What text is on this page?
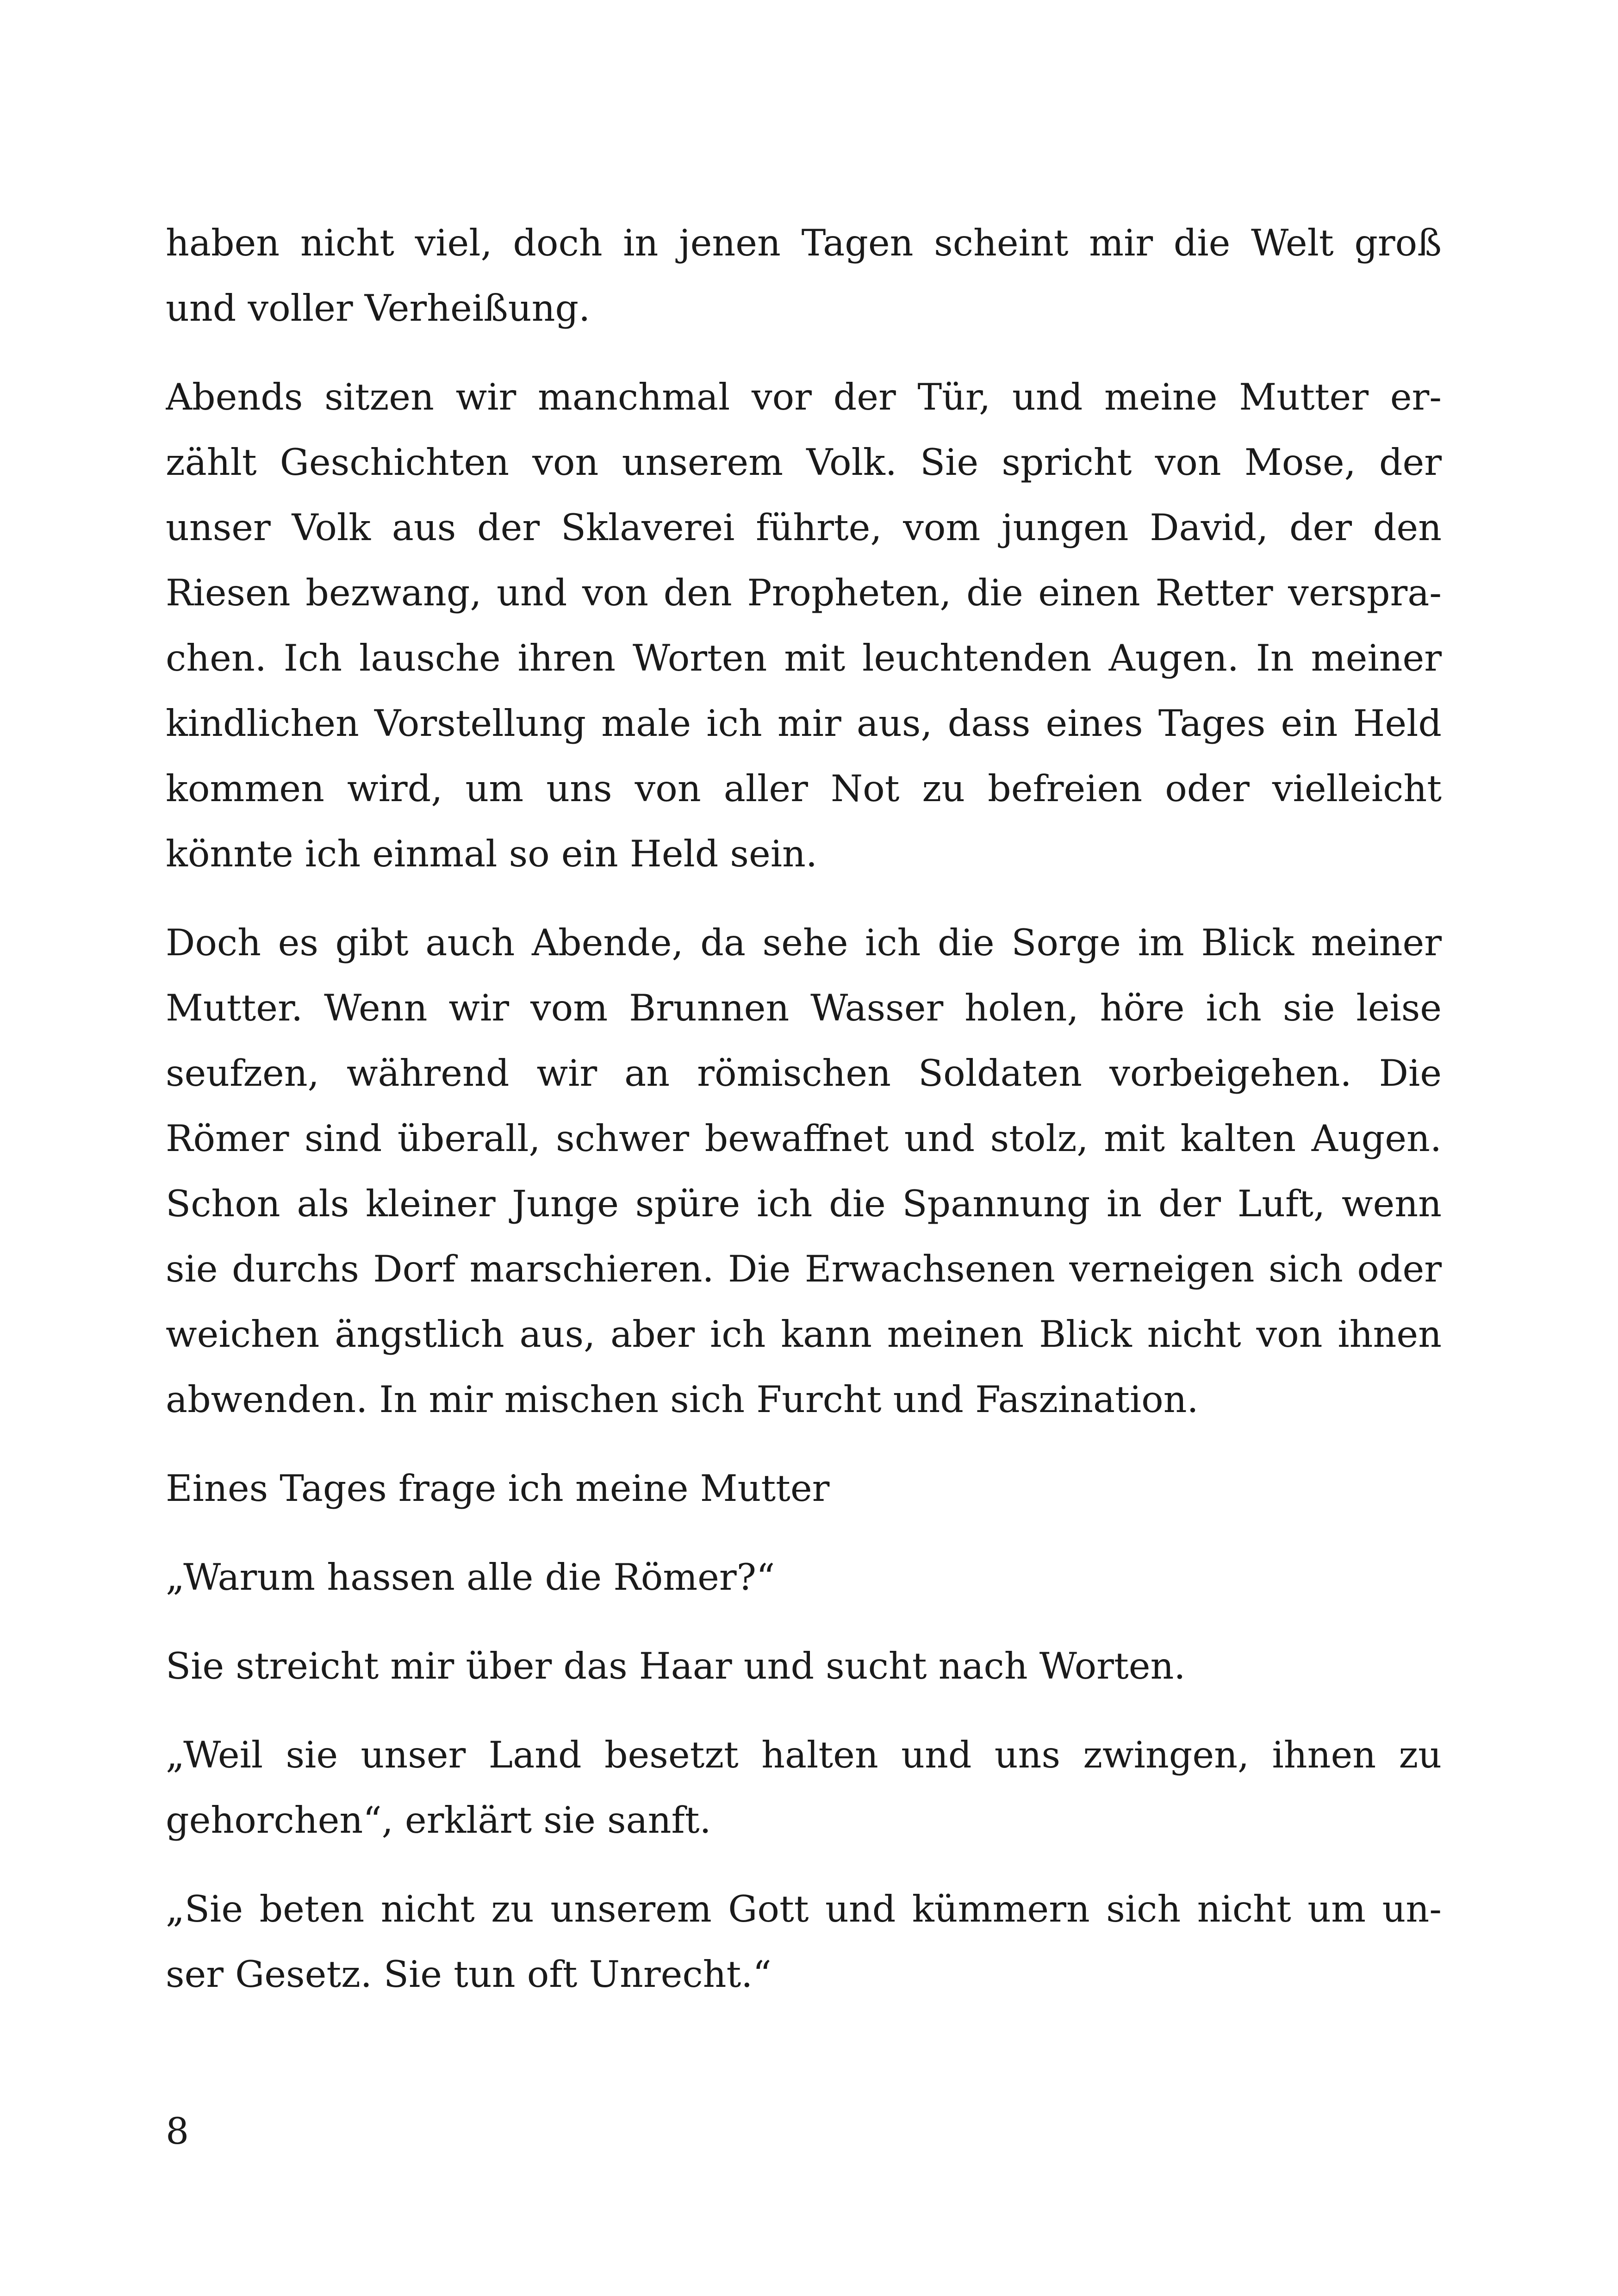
haben nicht viel, doch in jenen Tagen scheint mir die Welt groß
und voller Verheißung.

Abends sitzen wir manchmal vor der Tür, und meine Mutter er-
zählt Geschichten von unserem Volk. Sie spricht von Mose, der
unser Volk aus der Sklaverei führte, vom jungen David, der den
Riesen bezwang, und von den Propheten, die einen Retter verspra-
chen. Ich lausche ihren Worten mit leuchtenden Augen. In meiner
kindlichen Vorstellung male ich mir aus, dass eines Tages ein Held
kommen wird, um uns von aller Not zu befreien oder vielleicht
könnte ich einmal so ein Held sein.

Doch es gibt auch Abende, da sehe ich die Sorge im Blick meiner
Mutter. Wenn wir vom Brunnen Wasser holen, höre ich sie leise
seufzen, während wir an römischen Soldaten vorbeigehen. Die
Römer sind überall, schwer bewaffnet und stolz, mit kalten Augen.
Schon als kleiner Junge spüre ich die Spannung in der Luft, wenn
sie durchs Dorf marschieren. Die Erwachsenen verneigen sich oder
weichen ängstlich aus, aber ich kann meinen Blick nicht von ihnen
abwenden. In mir mischen sich Furcht und Faszination.

Eines Tages frage ich meine Mutter

„Warum hassen alle die Römer?“

Sie streicht mir über das Haar und sucht nach Worten.

„Weil sie unser Land besetzt halten und uns zwingen, ihnen zu
gehorchen“, erklärt sie sanft.

„Sie beten nicht zu unserem Gott und kümmern sich nicht um un-
ser Gesetz. Sie tun oft Unrecht.“

8
